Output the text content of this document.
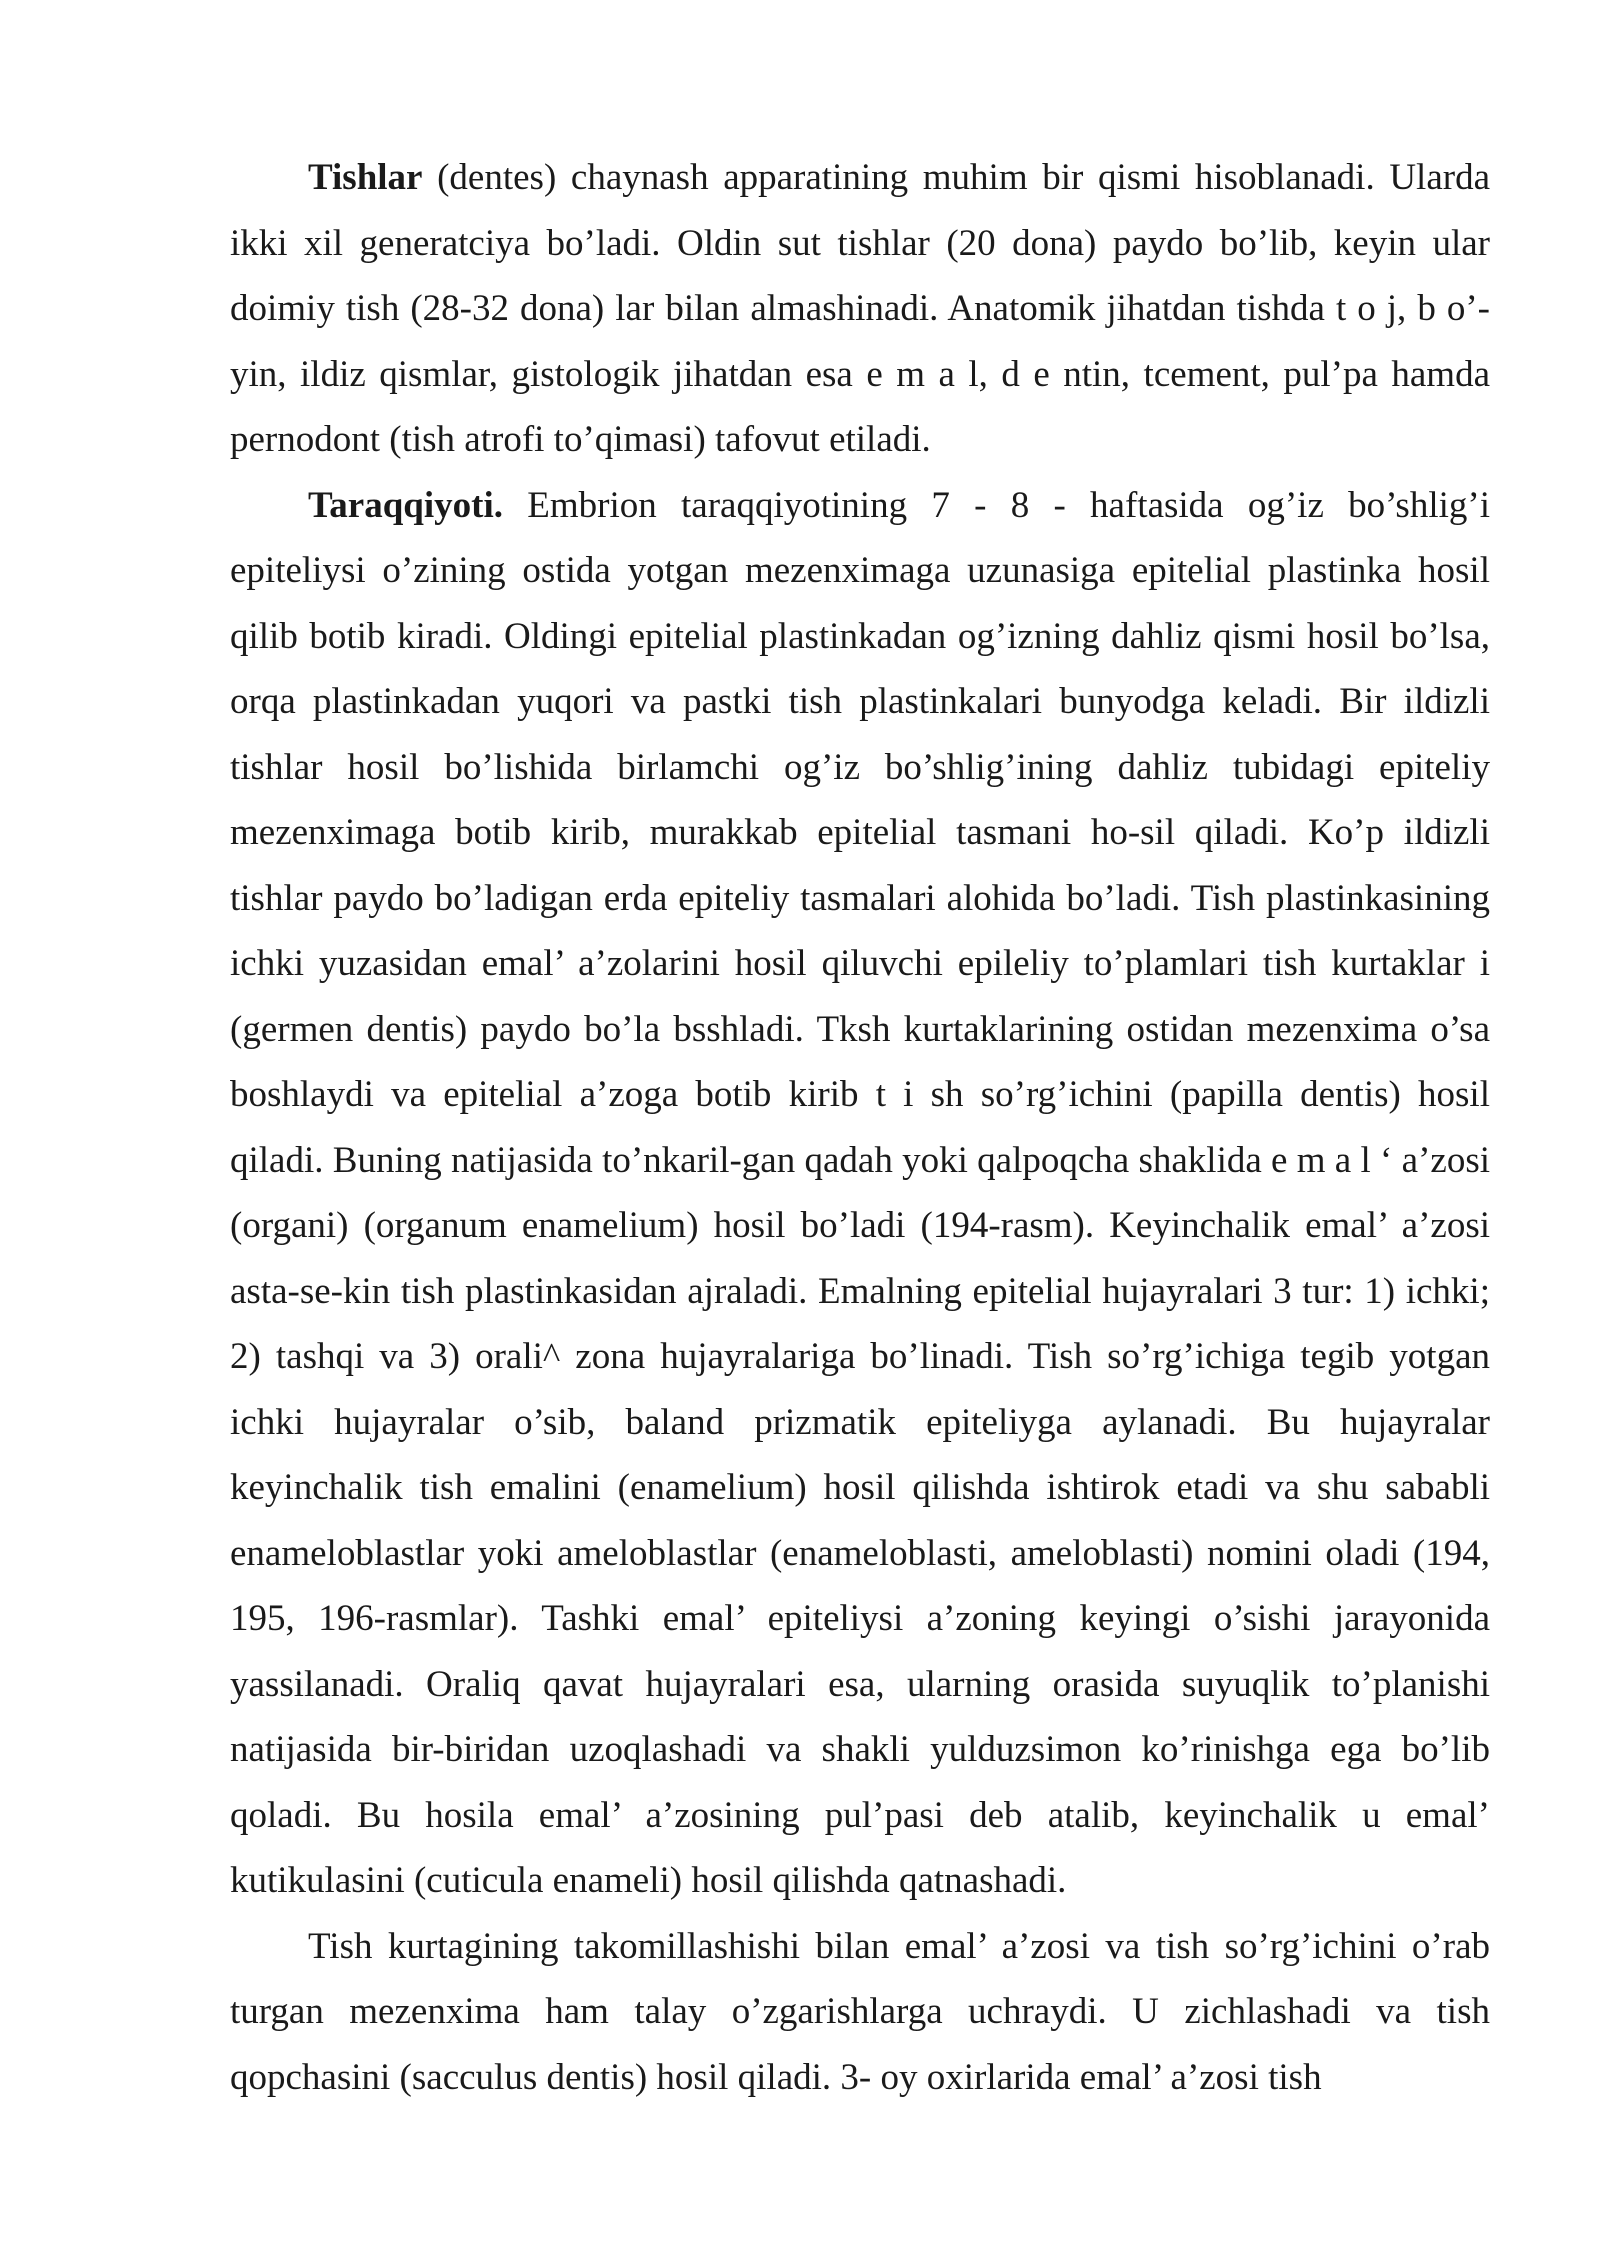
Tishlar (dentes) chaynash apparatining muhim bir qismi hisoblanadi. Ularda ikki xil generatciya bo’ladi. Oldin sut tishlar (20 dona) paydo bo’lib, keyin ular doimiy tish (28-32 dona) lar bilan almashinadi. Anatomik jihatdan tishda t o j, b o’-yin, ildiz qismlar, gistologik jihatdan esa e m a l, d e ntin, tcement, pul’pa hamda pernodont (tish atrofi to’qimasi) tafovut etiladi.

Taraqqiyoti. Embrion taraqqiyotining 7 - 8 - haftasida og’iz bo’shlig’i epiteliysi o’zining ostida yotgan mezenximaga uzunasiga epitelial plastinka hosil qilib botib kiradi. Oldingi epitelial plastinkadan og’izning dahliz qismi hosil bo’lsa, orqa plastinkadan yuqori va pastki tish plastinkalari bunyodga keladi. Bir ildizli tishlar hosil bo’lishida birlamchi og’iz bo’shlig’ining dahliz tubidagi epiteliy mezenximaga botib kirib, murakkab epitelial tasmani ho-sil qiladi. Ko’p ildizli tishlar paydo bo’ladigan erda epiteliy tasmalari alohida bo’ladi. Tish plastinkasining ichki yuzasidan emal’ a’zolarini hosil qiluvchi epileliy to’plamlari tish kurtaklar i (germen dentis) paydo bo’la bsshladi. Tksh kurtaklarining ostidan mezenxima o’sa boshlaydi va epitelial a’zoga botib kirib t i sh so’rg’ichini (papilla dentis) hosil qiladi. Buning natijasida to’nkaril-gan qadah yoki qalpoqcha shaklida e m a l ‘ a’zosi (organi) (organum enamelium) hosil bo’ladi (194-rasm). Keyinchalik emal’ a’zosi asta-se-kin tish plastinkasidan ajraladi. Emalning epitelial hujayralari 3 tur: 1) ichki; 2) tashqi va 3) orali^ zona hujayralariga bo’linadi. Tish so’rg’ichiga tegib yotgan ichki hujayralar o’sib, baland prizmatik epiteliyga aylanadi. Bu hujayralar keyinchalik tish emalini (enamelium) hosil qilishda ishtirok etadi va shu sababli enameloblastlar yoki ameloblastlar (enameloblasti, ameloblasti) nomini oladi (194, 195, 196-rasmlar). Tashki emal’ epiteliysi a’zoning keyingi o’sishi jarayonida yassilanadi. Oraliq qavat hujayralari esa, ularning orasida suyuqlik to’planishi natijasida bir-biridan uzoqlashadi va shakli yulduzsimon ko’rinishga ega bo’lib qoladi. Bu hosila emal’ a’zosining pul’pasi deb atalib, keyinchalik u emal’ kutikulasini (cuticula enameli) hosil qilishda qatnashadi.

Tish kurtagining takomillashishi bilan emal’ a’zosi va tish so’rg’ichini o’rab turgan mezenxima ham talay o’zgarishlarga uchraydi. U zichlashadi va tish qopchasini (sacculus dentis) hosil qiladi. 3- oy oxirlarida emal’ a’zosi tish
